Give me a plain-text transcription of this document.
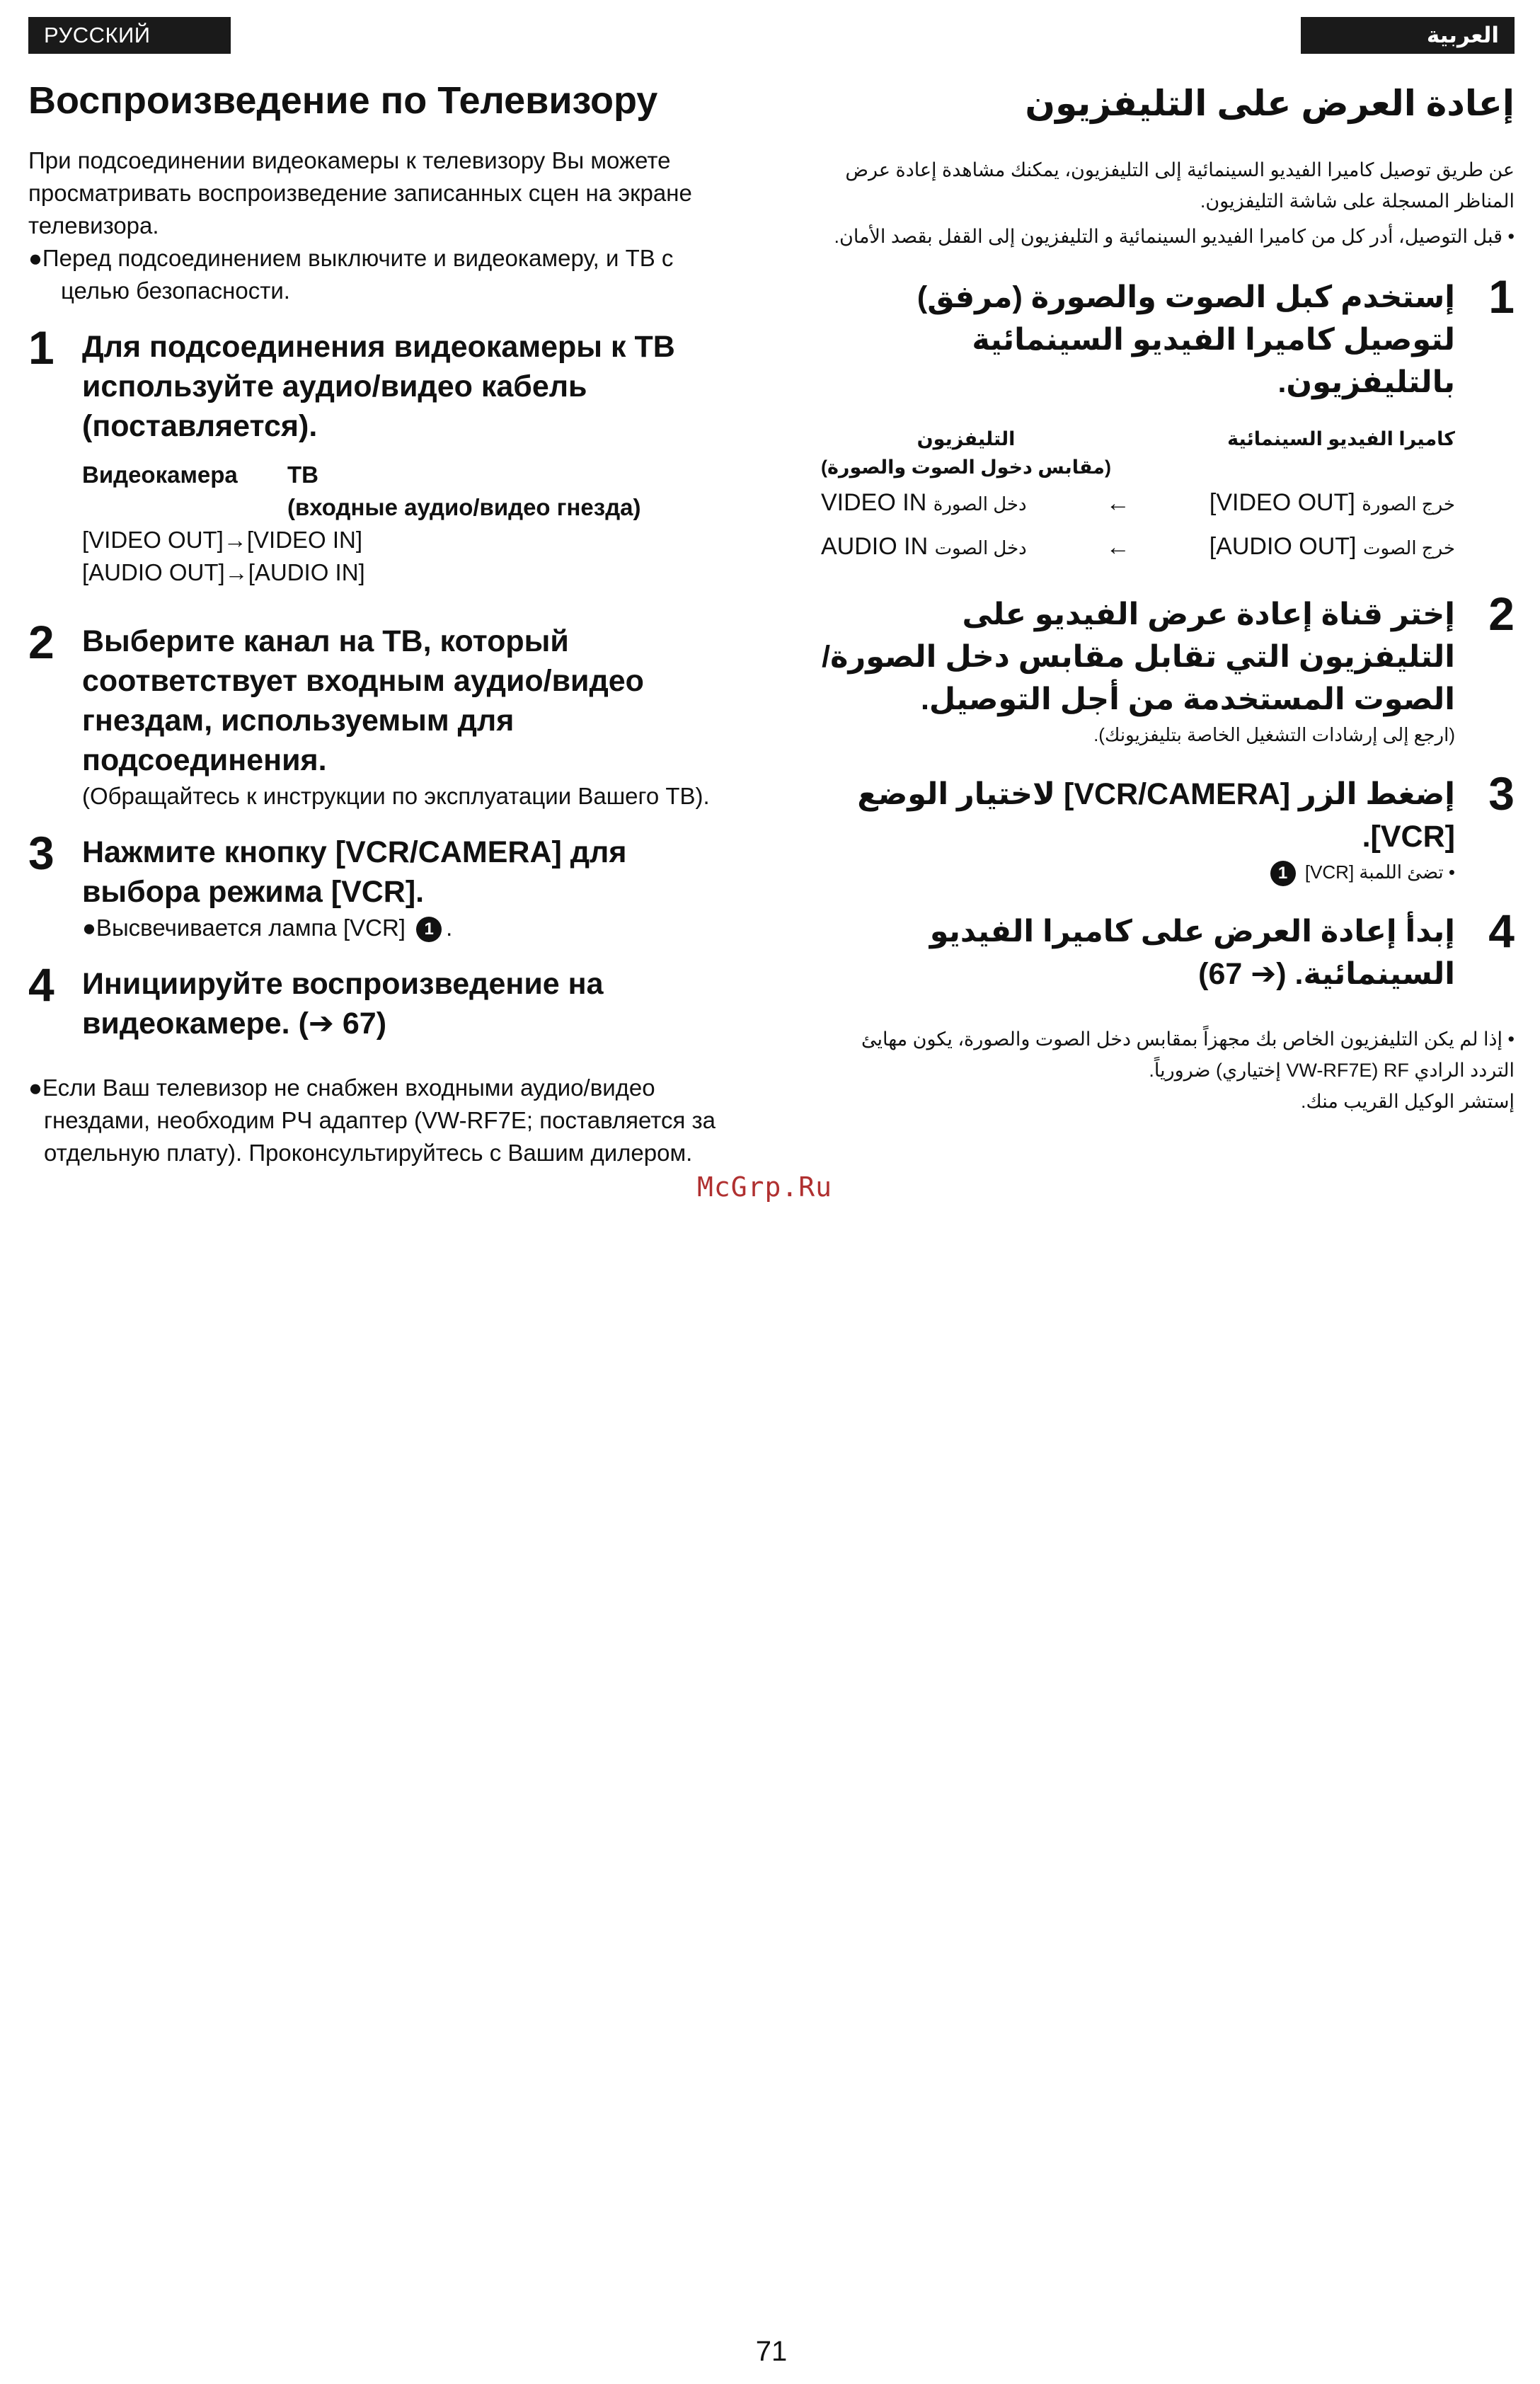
РУССКИЙ ЯЗЫК
العربية
Воспроизведение по Телевизору

При подсоединении видеокамеры к телевизору Вы можете просматривать воспроизведение записанных сцен на экране телевизора.

●Перед подсоединением выключите и видеокамеру, и ТВ с целью безопасности.

1 Для подсоединения видеокамеры к ТВ используйте аудио/видео кабель (поставляется).
Видеокамера	ТВ
(входные аудио/видео гнезда)
[VIDEO OUT]→ [VIDEO IN]
[AUDIO OUT]→ [AUDIO IN]
2 Выберите канал на ТВ, который соответствует входным аудио/видео гнездам, используемым для подсоединения.
(Обращайтесь к инструкции по эксплуатации Вашего ТВ).
3 Нажмите кнопку [VCR/CAMERA] для выбора режима [VCR].
●Высвечивается лампа [VCR] 1 .
4 Инициируйте воспроизведение на видеокамере. (➔ 67)

●Если Ваш телевизор не снабжен входными аудио/видео гнездами, необходим РЧ адаптер (VW-RF7E; поставляется за отдельную плату). Проконсультируйтесь с Вашим дилером.

إعادة العرض على التليفزيون

عن طريق توصيل كاميرا الفيديو السينمائية إلى التليفزيون، يمكنك مشاهدة إعادة عرض المناظر المسجلة على شاشة التليفزيون.

• قبل التوصيل، أدر كل من كاميرا الفيديو السينمائية و التليفزيون إلى القفل بقصد الأمان.

1
إستخدم كبل الصوت والصورة (مرفق) لتوصيل كاميرا الفيديو السينمائية بالتليفزيون.
كاميرا الفيديو السينمائية
التليفزيون
(مقابس دخول الصوت والصورة)
VIDEO IN دخل الصورة	←	[VIDEO OUT] خرج الصورة
AUDIO IN دخل الصوت	←	[AUDIO OUT] خرج الصوت
2
إختر قناة إعادة عرض الفيديو على التليفزيون التي تقابل مقابس دخل الصورة/الصوت المستخدمة من أجل التوصيل.
(ارجع إلى إرشادات التشغيل الخاصة بتليفزيونك).
3
إضغط الزر [VCR/CAMERA] لاختيار الوضع [VCR].
• تضئ اللمبة [VCR] 1
4
إبدأ إعادة العرض على كاميرا الفيديو السينمائية. (➔ 67)

• إذا لم يكن التليفزيون الخاص بك مجهزاً بمقابس دخل الصوت والصورة، يكون مهايئ التردد الرادي RF (VW-RF7E إختياري) ضرورياً.

إستشر الوكيل القريب منك.

McGrp.Ru
71
